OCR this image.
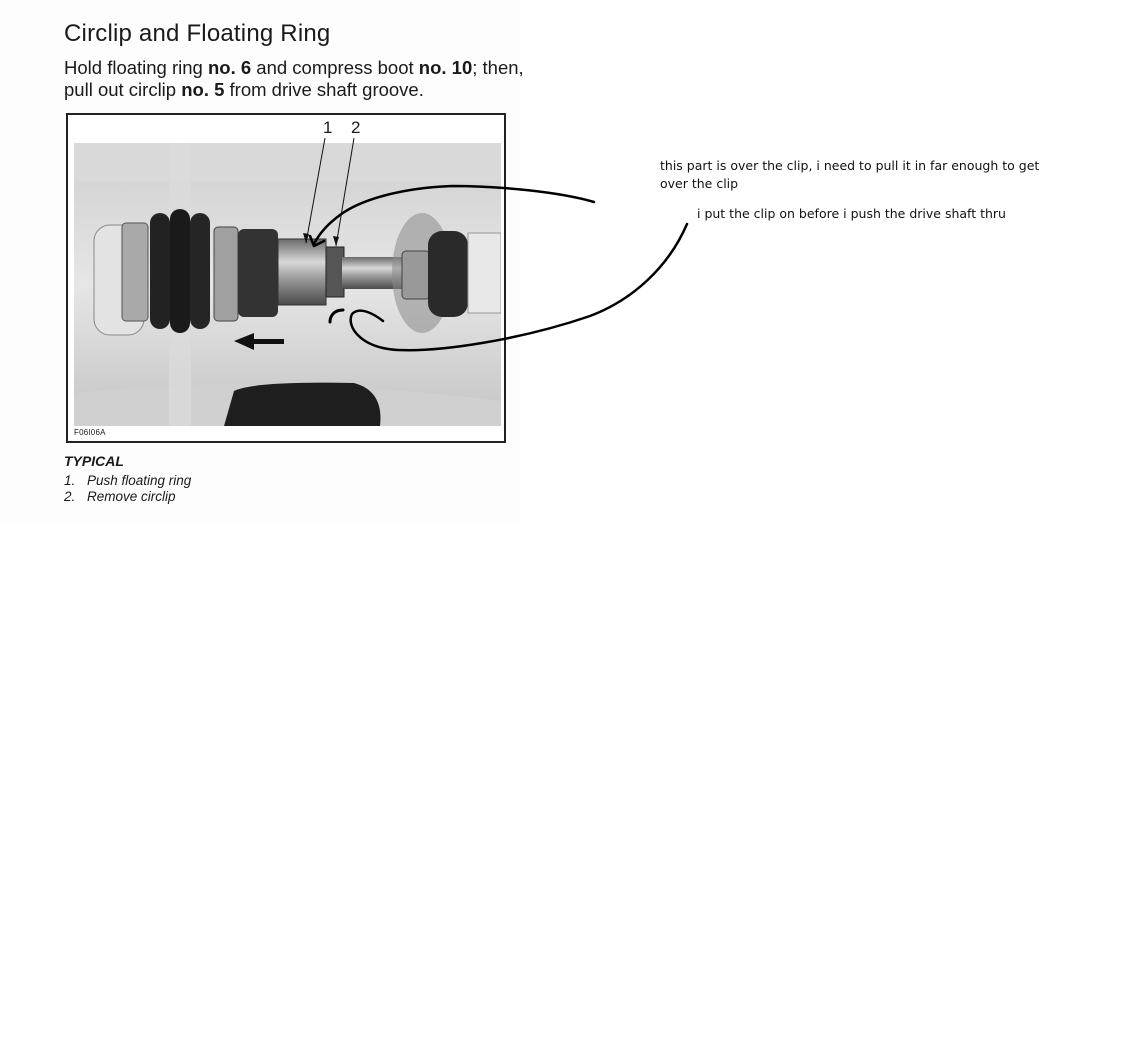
Circlip and Floating Ring
Hold floating ring no. 6 and compress boot no. 10; then, pull out circlip no. 5 from drive shaft groove.
1 2
F06I06A
TYPICAL
1. Push floating ring
2. Remove circlip
this part is over the clip, i need to pull it in far enough to get over the clip
i put the clip on before i push the drive shaft thru
